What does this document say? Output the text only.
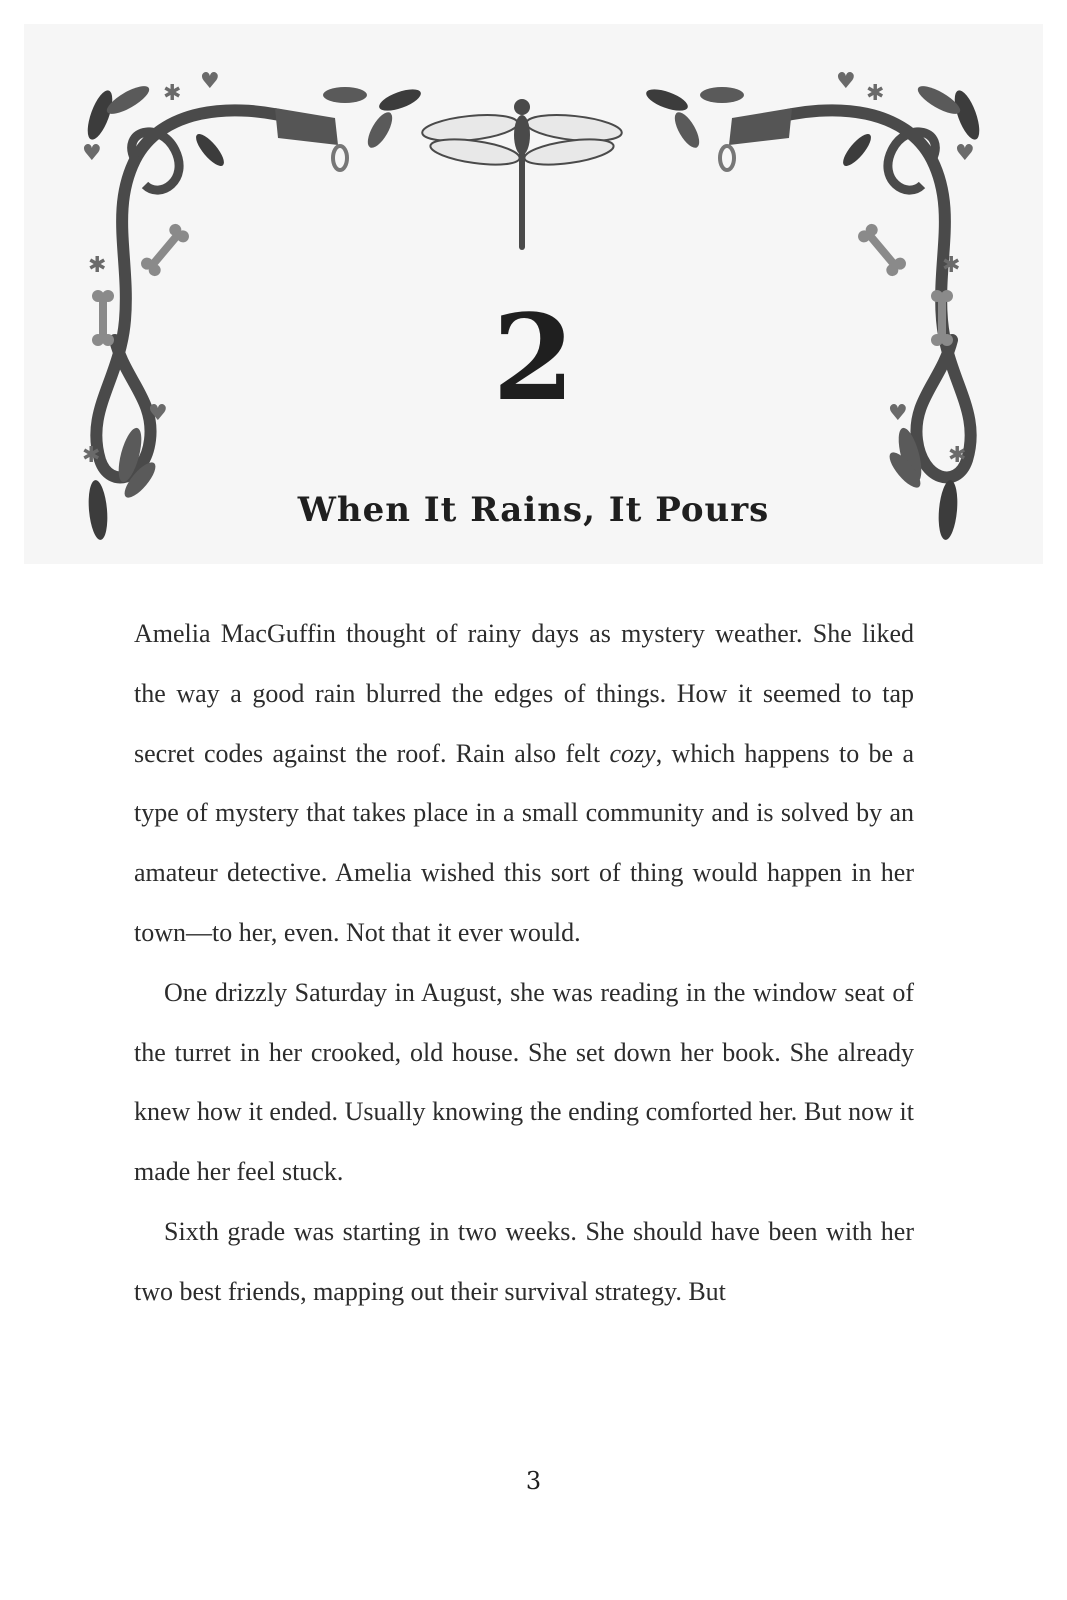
✱ ♥
✱
♥
♥
✱
✱
♥
✱
♥
♥
✱
2
When It Rains, It Pours

Amelia MacGuffin thought of rainy days as mystery weather. She liked the way a good rain blurred the edges of things. How it seemed to tap secret codes against the roof. Rain also felt cozy, which happens to be a type of mystery that takes place in a small community and is solved by an amateur detective. Amelia wished this sort of thing would happen in her town—to her, even. Not that it ever would.

One drizzly Saturday in August, she was reading in the window seat of the turret in her crooked, old house. She set down her book. She already knew how it ended. Usually knowing the ending comforted her. But now it made her feel stuck.

Sixth grade was starting in two weeks. She should have been with her two best friends, mapping out their survival strategy. But

3
